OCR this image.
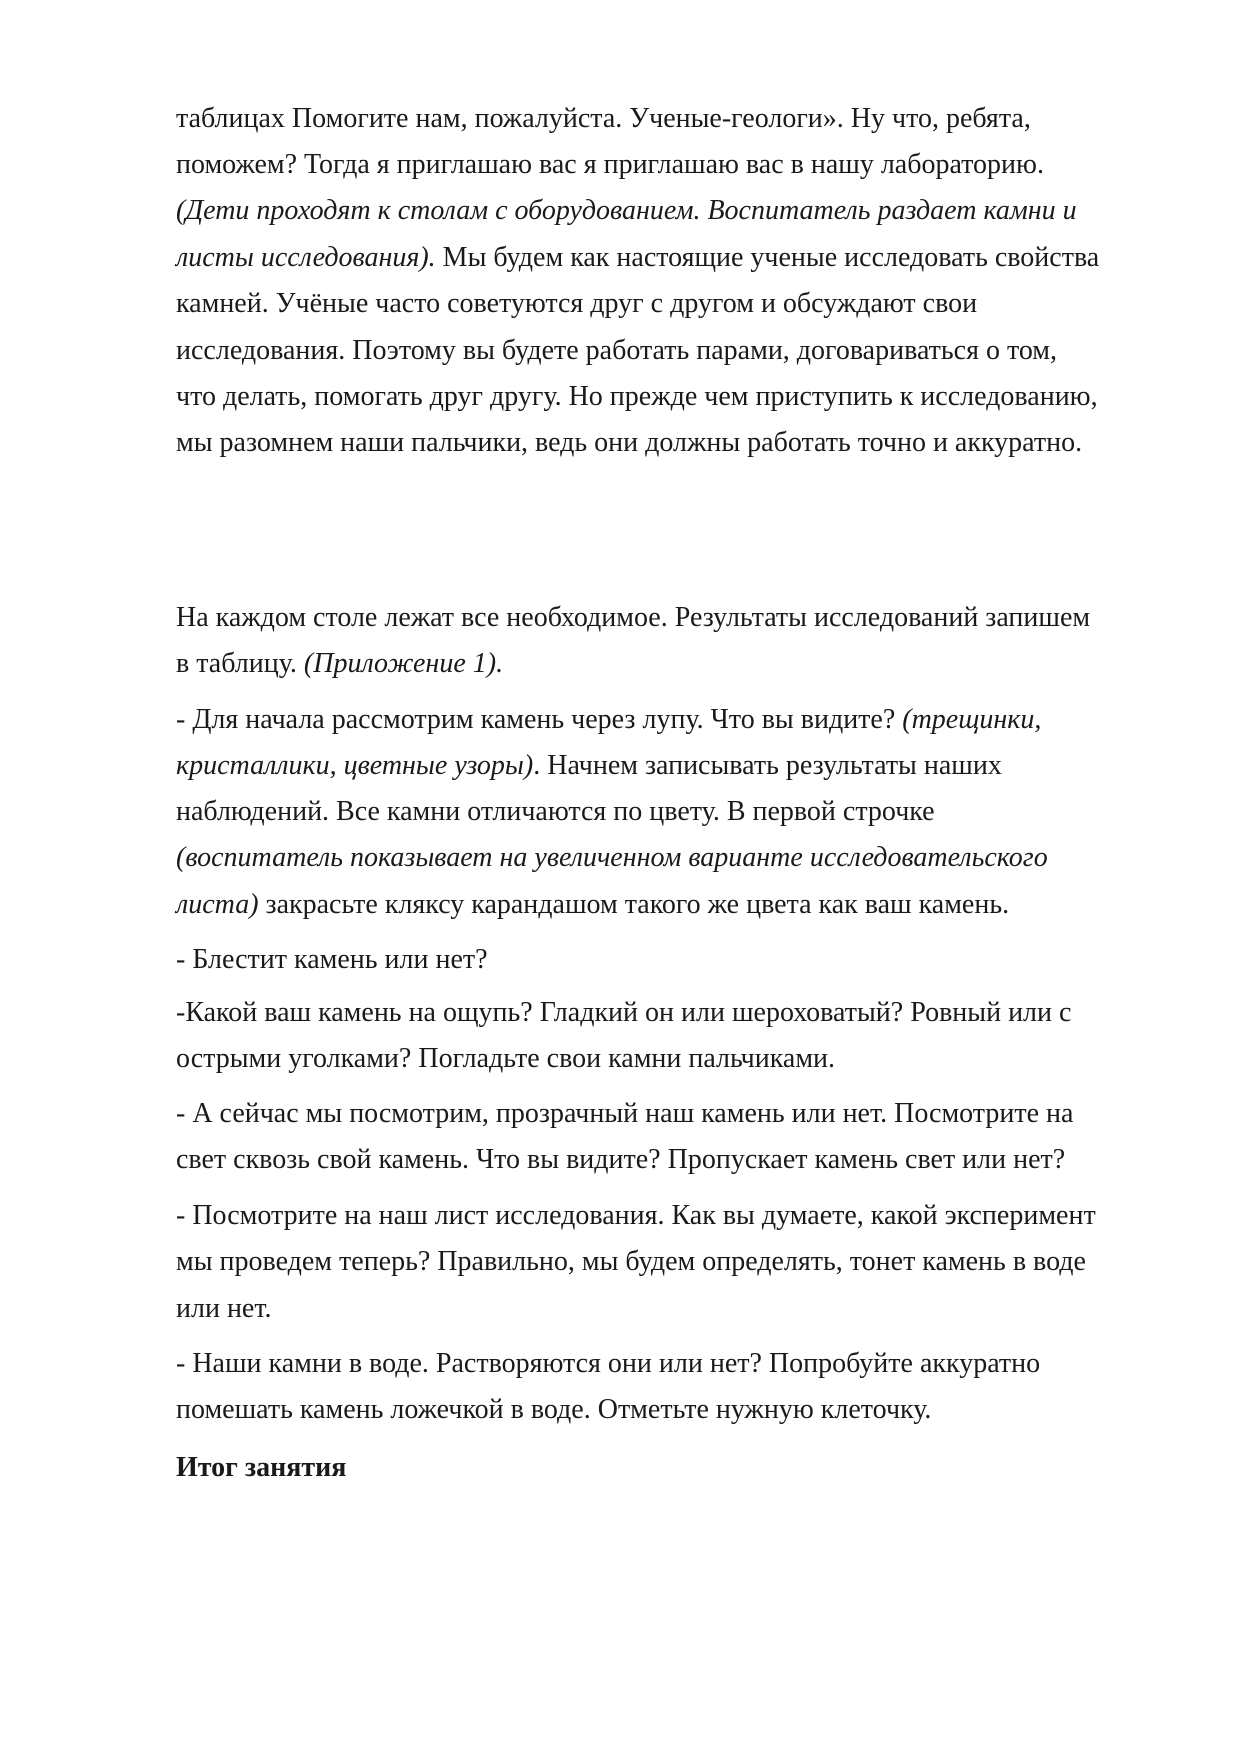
таблицах Помогите нам, пожалуйста. Ученые-геологи». Ну что, ребята,

поможем? Тогда я приглашаю вас я приглашаю вас в нашу лабораторию.

(Дети проходят к столам с оборудованием. Воспитатель раздает камни и

листы исследования). Мы будем как настоящие ученые исследовать свойства

камней. Учёные часто советуются друг с другом и обсуждают свои

исследования. Поэтому вы будете работать парами, договариваться о том,

что делать, помогать друг другу. Но прежде чем приступить к исследованию,

мы разомнем наши пальчики, ведь они должны работать точно и аккуратно.

На каждом столе лежат все необходимое. Результаты исследований запишем

в таблицу. (Приложение 1).

- Для начала рассмотрим камень через лупу. Что вы видите? (трещинки,

кристаллики, цветные узоры). Начнем записывать результаты наших

наблюдений. Все камни отличаются по цвету. В первой строчке

(воспитатель показывает на увеличенном варианте исследовательского

листа) закрасьте кляксу карандашом такого же цвета как ваш камень.

- Блестит камень или нет?

-Какой ваш камень на ощупь? Гладкий он или шероховатый? Ровный или с

острыми уголками? Погладьте свои камни пальчиками.

- А сейчас мы посмотрим, прозрачный наш камень или нет. Посмотрите на

свет сквозь свой камень. Что вы видите? Пропускает камень свет или нет?

- Посмотрите на наш лист исследования. Как вы думаете, какой эксперимент

мы проведем теперь? Правильно, мы будем определять, тонет камень в воде

или нет.

- Наши камни в воде. Растворяются они или нет? Попробуйте аккуратно

помешать камень ложечкой в воде. Отметьте нужную клеточку.

Итог занятия
